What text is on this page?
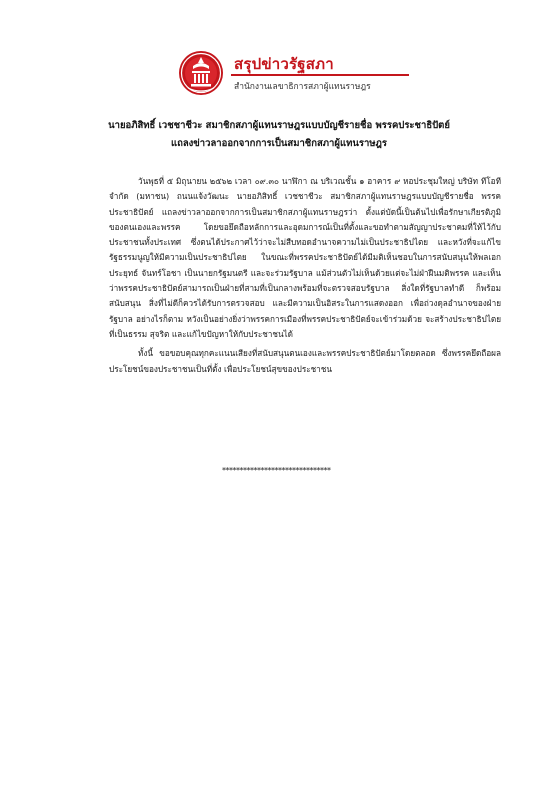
สรุปข่าวรัฐสภา
สำนักงานเลขาธิการสภาผู้แทนราษฎร
นายอภิสิทธิ์ เวชชาชีวะ สมาชิกสภาผู้แทนราษฎรแบบบัญชีรายชื่อ พรรคประชาธิปัตย์
แถลงข่าวลาออกจากการเป็นสมาชิกสภาผู้แทนราษฎร

วันพุธที่ ๕ มิถุนายน ๒๕๖๒ เวลา ๐๙.๓๐ นาฬิกา ณ บริเวณชั้น ๑ อาคาร ๙ หอประชุมใหญ่ บริษัท ทีโอที จำกัด (มหาชน) ถนนแจ้งวัฒนะ นายอภิสิทธิ์ เวชชาชีวะ สมาชิกสภาผู้แทนราษฎรแบบบัญชีรายชื่อ พรรคประชาธิปัตย์ แถลงข่าวลาออกจากการเป็นสมาชิกสภาผู้แทนราษฎรว่า ตั้งแต่บัดนี้เป็นต้นไปเพื่อรักษาเกียรติภูมิของตนเองและพรรค โดยขอยึดถือหลักการและอุดมการณ์เป็นที่ตั้งและขอทำตามสัญญาประชาคมที่ให้ไว้กับประชาชนทั้งประเทศ ซึ่งตนได้ประกาศไว้ว่าจะไม่สืบทอดอำนาจความไม่เป็นประชาธิปไตย และหวังที่จะแก้ไขรัฐธรรมนูญให้มีความเป็นประชาธิปไตย ในขณะที่พรรคประชาธิปัตย์ได้มีมติเห็นชอบในการสนับสนุนให้พลเอก ประยุทธ์ จันทร์โอชา เป็นนายกรัฐมนตรี และจะร่วมรัฐบาล แม้ส่วนตัวไม่เห็นด้วยแต่จะไม่ฝ่าฝืนมติพรรค และเห็นว่าพรรคประชาธิปัตย์สามารถเป็นฝ่ายที่สามที่เป็นกลางพร้อมที่จะตรวจสอบรัฐบาล สิ่งใดที่รัฐบาลทำดี ก็พร้อมสนับสนุน สิ่งที่ไม่ดีก็ควรได้รับการตรวจสอบ และมีความเป็นอิสระในการแสดงออก เพื่อถ่วงดุลอำนาจของฝ่ายรัฐบาล อย่างไรก็ตาม หวังเป็นอย่างยิ่งว่าพรรคการเมืองที่พรรคประชาธิปัตย์จะเข้าร่วมด้วย จะสร้างประชาธิปไตยที่เป็นธรรม สุจริต และแก้ไขปัญหาให้กับประชาชนได้

ทั้งนี้ ขอขอบคุณทุกคะแนนเสียงที่สนับสนุนตนเองและพรรคประชาธิปัตย์มาโดยตลอด ซึ่งพรรคยึดถือผลประโยชน์ของประชาชนเป็นที่ตั้ง เพื่อประโยชน์สุขของประชาชน

*******************************
